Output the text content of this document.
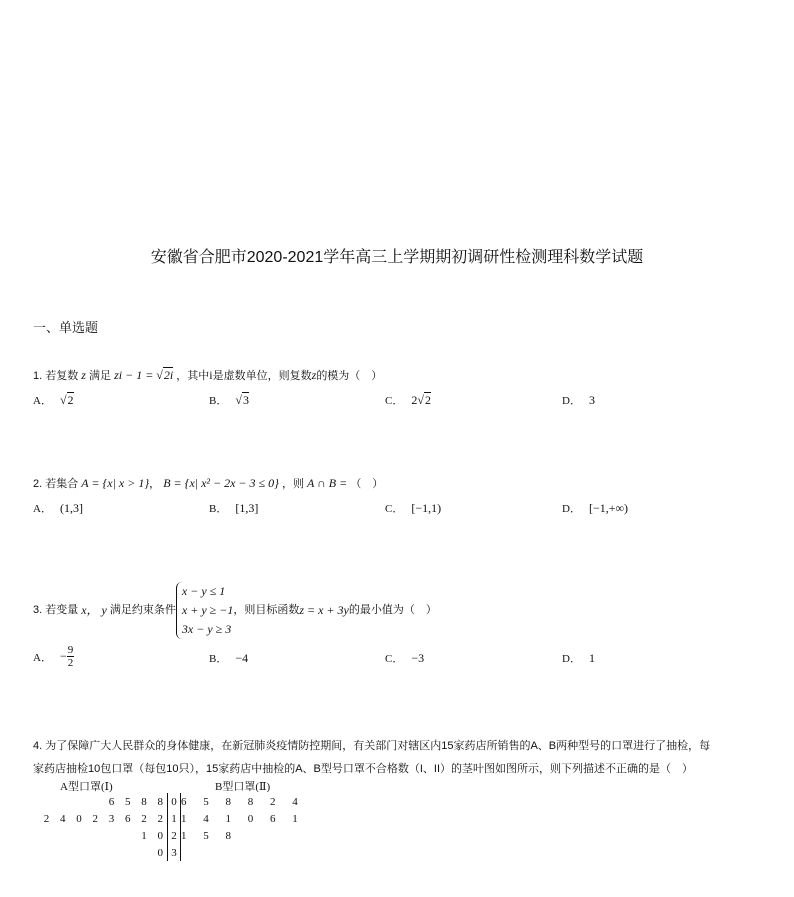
安徽省合肥市2020-2021学年高三上学期期初调研性检测理科数学试题
一、单选题
1. 若复数 z 满足 zi − 1 = √2i ，其中i是虚数单位，则复数z的模为（　）
A． √2	B． √3	C． 2√2	D． 3
2. 若集合 A = {x| x > 1}， B = {x| x² − 2x − 3 ≤ 0} ，则 A ∩ B = （　）
A． (1,3]	B． [1,3]	C． [−1,1)	D． [−1,+∞)
3. 若变量 x， y 满足约束条件
x − y ≤ 1
x + y ≥ −1
3x − y ≥ 3
，则目标函数 z = x + 3y 的最小值为（　）
A． − $\frac{9}{2}$	B． −4	C． −3	D． 1
4. 为了保障广大人民群众的身体健康，在新冠肺炎疫情防控期间，有关部门对辖区内15家药店所销售的A、B两种型号的口罩进行了抽检，每
家药店抽检10包口罩（每包10只），15家药店中抽检的A、B型号口罩不合格数（I、II）的茎叶图如图所示，则下列描述不正确的是（　）
A型口罩(Ⅰ)	B型口罩(Ⅱ)
6 5 8 8	0	6 5 8 8 2 4
2 4 0 2 3 6 2 2	1	1 4 1 0 6 1
1 0	2	1 5 8
0	3	
